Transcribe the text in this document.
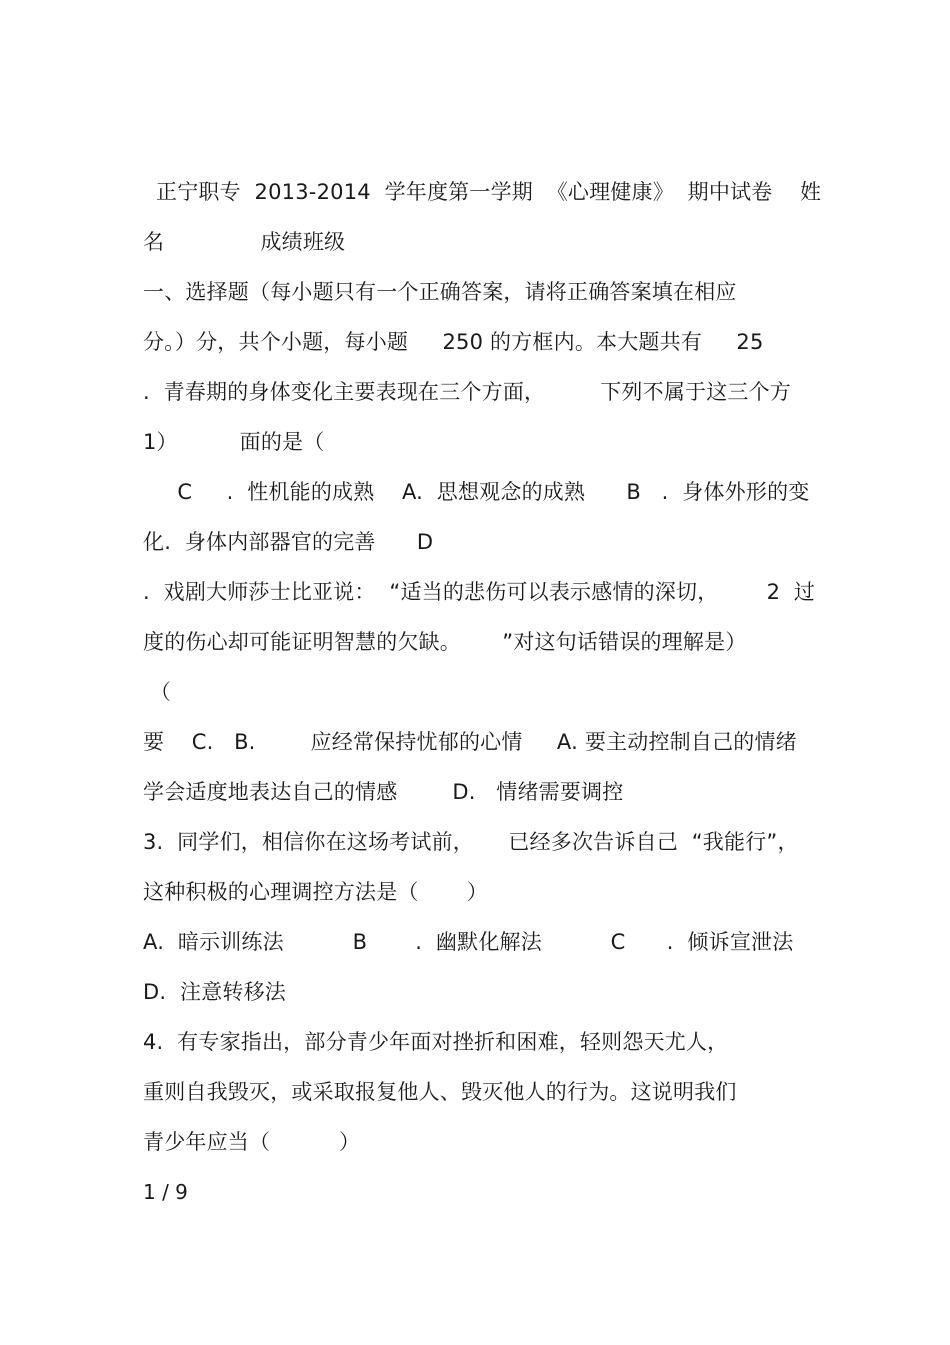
正宁职专  2013-2014  学年度第一学期  《心理健康》  期中试卷    姓
名              成绩班级
一、选择题（每小题只有一个正确答案，请将正确答案填在相应
分。）分，共个小题，每小题     250 的方框内。本大题共有     25
.  青春期的身体变化主要表现在三个方面，        下列不属于这三个方
1）         面的是（
C     .  性机能的成熟    A.  思想观念的成熟      B   .  身体外形的变
化.  身体内部器官的完善      D
.  戏剧大师莎士比亚说：  “适当的悲伤可以表示感情的深切，       2  过
度的伤心却可能证明智慧的欠缺。      ”对这句话错误的理解是）
（
要    C.   B.        应经常保持忧郁的心情     A. 要主动控制自己的情绪
学会适度地表达自己的情感        D.   情绪需要调控
3.  同学们，相信你在这场考试前，     已经多次告诉自己  “我能行”，
这种积极的心理调控方法是（       ）
A.  暗示训练法          B       .  幽默化解法          C      .  倾诉宣泄法
D.  注意转移法
4.  有专家指出，部分青少年面对挫折和困难，轻则怨天尤人，
重则自我毁灭，或采取报复他人、毁灭他人的行为。这说明我们
青少年应当（          ）
1 / 9
